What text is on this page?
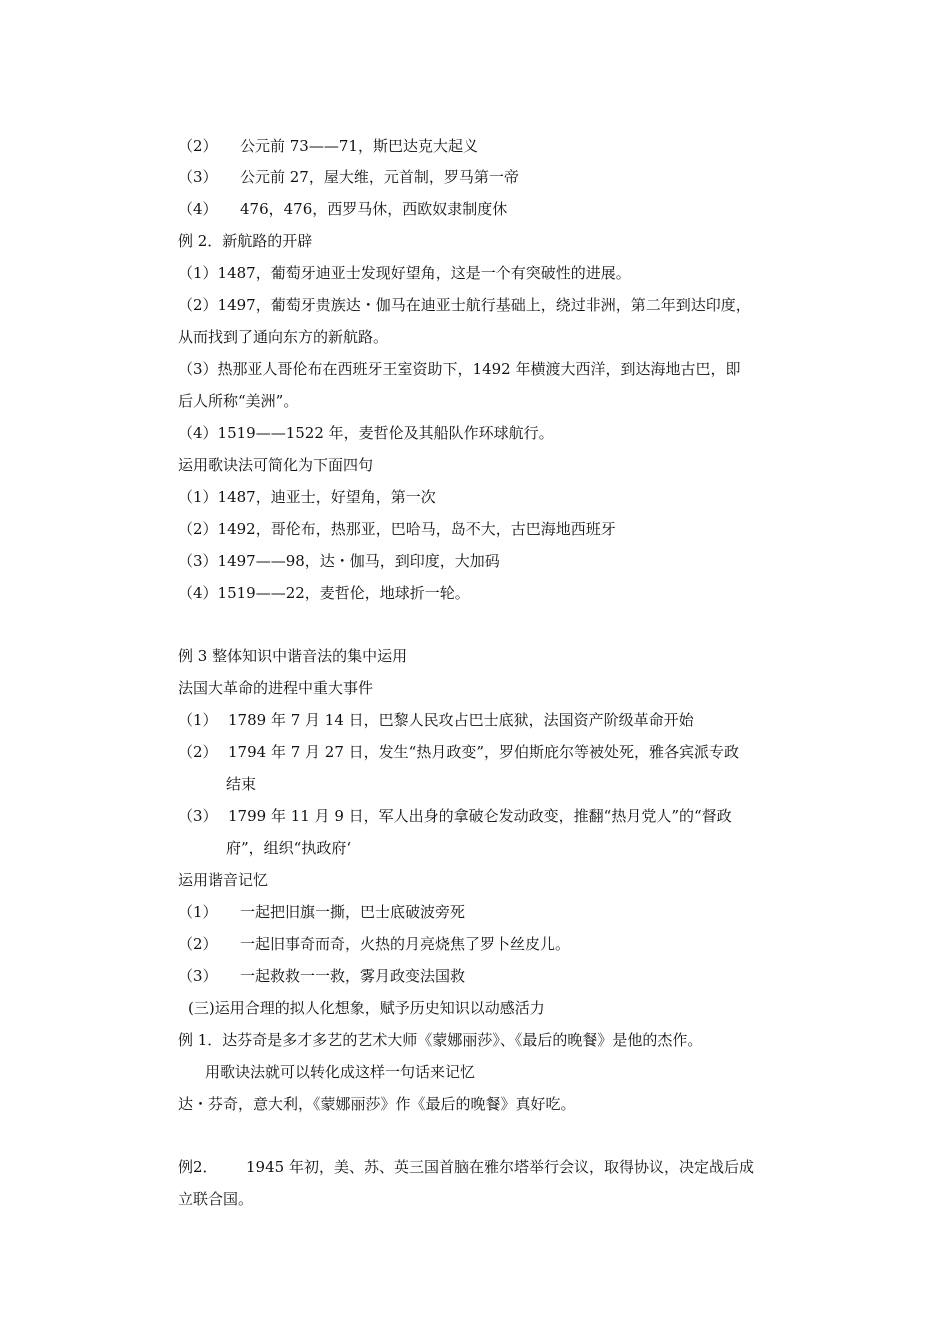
（2） 公元前 73——71，斯巴达克大起义
（3） 公元前 27，屋大维，元首制，罗马第一帝
（4） 476，476，西罗马休，西欧奴隶制度休
例 2．新航路的开辟
（1）1487，葡萄牙迪亚士发现好望角，这是一个有突破性的进展。
（2）1497，葡萄牙贵族达・伽马在迪亚士航行基础上，绕过非洲，第二年到达印度，
从而找到了通向东方的新航路。
（3）热那亚人哥伦布在西班牙王室资助下，1492 年横渡大西洋，到达海地古巴，即
后人所称“美洲”。
（4）1519——1522 年，麦哲伦及其船队作环球航行。
运用歌诀法可简化为下面四句
（1）1487，迪亚士，好望角，第一次
（2）1492，哥伦布，热那亚，巴哈马，岛不大，古巴海地西班牙
（3）1497——98，达・伽马，到印度，大加码
（4）1519——22，麦哲伦，地球折一轮。
例 3 整体知识中谐音法的集中运用
法国大革命的进程中重大事件
（1） 1789 年 7 月 14 日，巴黎人民攻占巴士底狱，法国资产阶级革命开始
（2） 1794 年 7 月 27 日，发生“热月政变”，罗伯斯庇尔等被处死，雅各宾派专政
结束
（3） 1799 年 11 月 9 日，军人出身的拿破仑发动政变，推翻“热月党人”的“督政
府”，组织“执政府‘
运用谐音记忆
（1） 一起把旧旗一撕，巴士底破波旁死
（2） 一起旧事奇而奇，火热的月亮烧焦了罗卜丝皮儿。
（3） 一起救救一一救，雾月政变法国救
(三)运用合理的拟人化想象，赋予历史知识以动感活力
例 1．达芬奇是多才多艺的艺术大师《蒙娜丽莎》、《最后的晚餐》是他的杰作。
用歌诀法就可以转化成这样一句话来记忆
达・芬奇，意大利，《蒙娜丽莎》作《最后的晚餐》真好吃。
例2． 1945 年初，美、苏、英三国首脑在雅尔塔举行会议，取得协议，决定战后成
立联合国。
